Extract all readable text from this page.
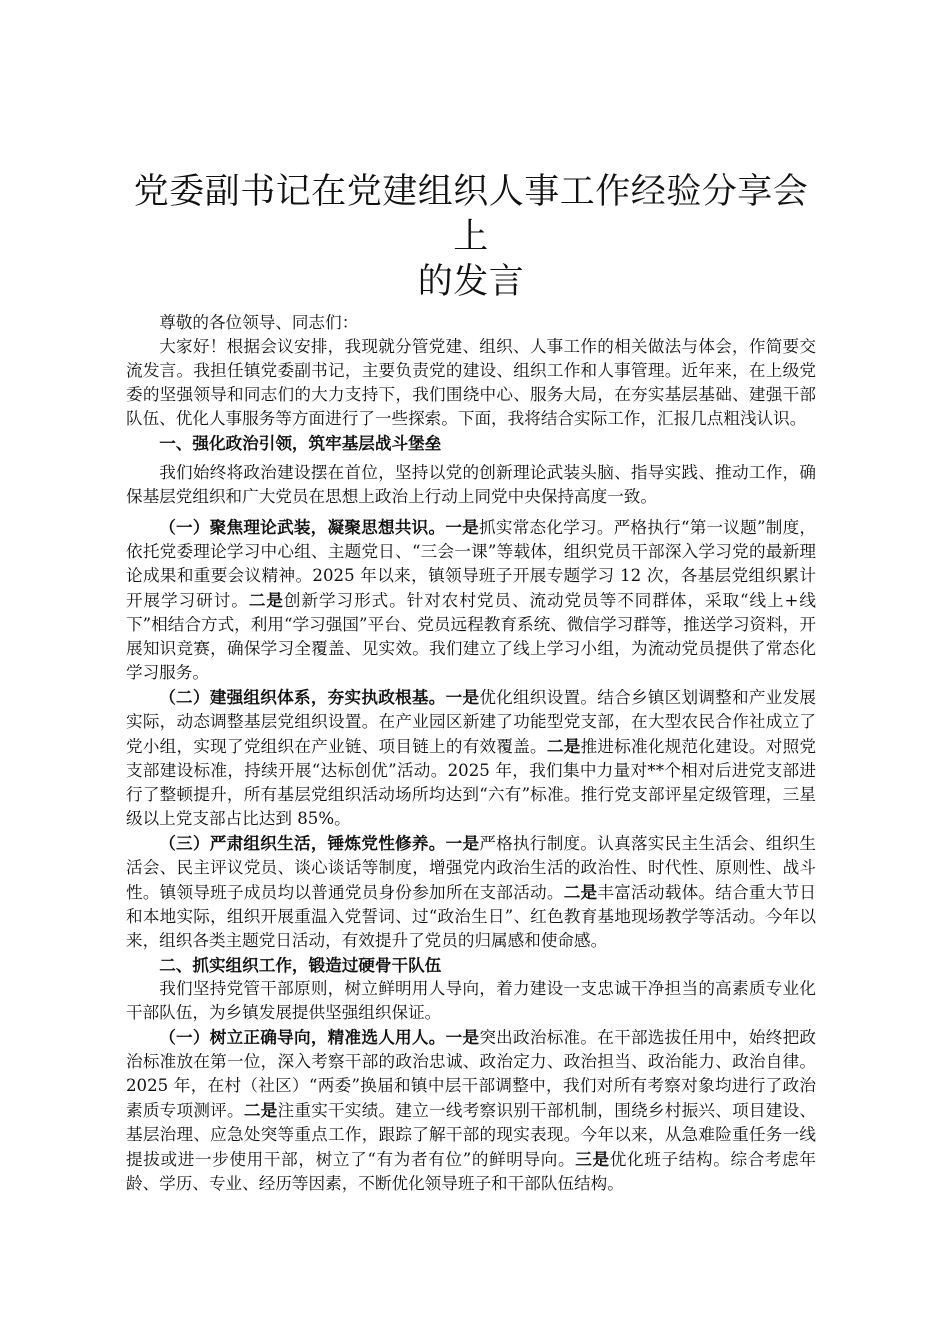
党委副书记在党建组织人事工作经验分享会上
的发言

尊敬的各位领导、同志们：

大家好！根据会议安排，我现就分管党建、组织、人事工作的相关做法与体会，作简要交流发言。我担任镇党委副书记，主要负责党的建设、组织工作和人事管理。近年来，在上级党委的坚强领导和同志们的大力支持下，我们围绕中心、服务大局，在夯实基层基础、建强干部队伍、优化人事服务等方面进行了一些探索。下面，我将结合实际工作，汇报几点粗浅认识。

一、强化政治引领，筑牢基层战斗堡垒

我们始终将政治建设摆在首位，坚持以党的创新理论武装头脑、指导实践、推动工作，确保基层党组织和广大党员在思想上政治上行动上同党中央保持高度一致。

（一）聚焦理论武装，凝聚思想共识。一是抓实常态化学习。严格执行“第一议题”制度，依托党委理论学习中心组、主题党日、“三会一课”等载体，组织党员干部深入学习党的最新理论成果和重要会议精神。2025 年以来，镇领导班子开展专题学习 12 次，各基层党组织累计开展学习研讨。二是创新学习形式。针对农村党员、流动党员等不同群体，采取“线上+线下”相结合方式，利用“学习强国”平台、党员远程教育系统、微信学习群等，推送学习资料，开展知识竞赛，确保学习全覆盖、见实效。我们建立了线上学习小组，为流动党员提供了常态化学习服务。

（二）建强组织体系，夯实执政根基。一是优化组织设置。结合乡镇区划调整和产业发展实际，动态调整基层党组织设置。在产业园区新建了功能型党支部，在大型农民合作社成立了党小组，实现了党组织在产业链、项目链上的有效覆盖。二是推进标准化规范化建设。对照党支部建设标准，持续开展“达标创优”活动。2025 年，我们集中力量对**个相对后进党支部进行了整顿提升，所有基层党组织活动场所均达到“六有”标准。推行党支部评星定级管理，三星级以上党支部占比达到 85%。

（三）严肃组织生活，锤炼党性修养。一是严格执行制度。认真落实民主生活会、组织生活会、民主评议党员、谈心谈话等制度，增强党内政治生活的政治性、时代性、原则性、战斗性。镇领导班子成员均以普通党员身份参加所在支部活动。二是丰富活动载体。结合重大节日和本地实际，组织开展重温入党誓词、过“政治生日”、红色教育基地现场教学等活动。今年以来，组织各类主题党日活动，有效提升了党员的归属感和使命感。

二、抓实组织工作，锻造过硬骨干队伍

我们坚持党管干部原则，树立鲜明用人导向，着力建设一支忠诚干净担当的高素质专业化干部队伍，为乡镇发展提供坚强组织保证。

（一）树立正确导向，精准选人用人。一是突出政治标准。在干部选拔任用中，始终把政治标准放在第一位，深入考察干部的政治忠诚、政治定力、政治担当、政治能力、政治自律。2025 年，在村（社区）“两委”换届和镇中层干部调整中，我们对所有考察对象均进行了政治素质专项测评。二是注重实干实绩。建立一线考察识别干部机制，围绕乡村振兴、项目建设、基层治理、应急处突等重点工作，跟踪了解干部的现实表现。今年以来，从急难险重任务一线提拔或进一步使用干部，树立了“有为者有位”的鲜明导向。三是优化班子结构。综合考虑年龄、学历、专业、经历等因素，不断优化领导班子和干部队伍结构。
